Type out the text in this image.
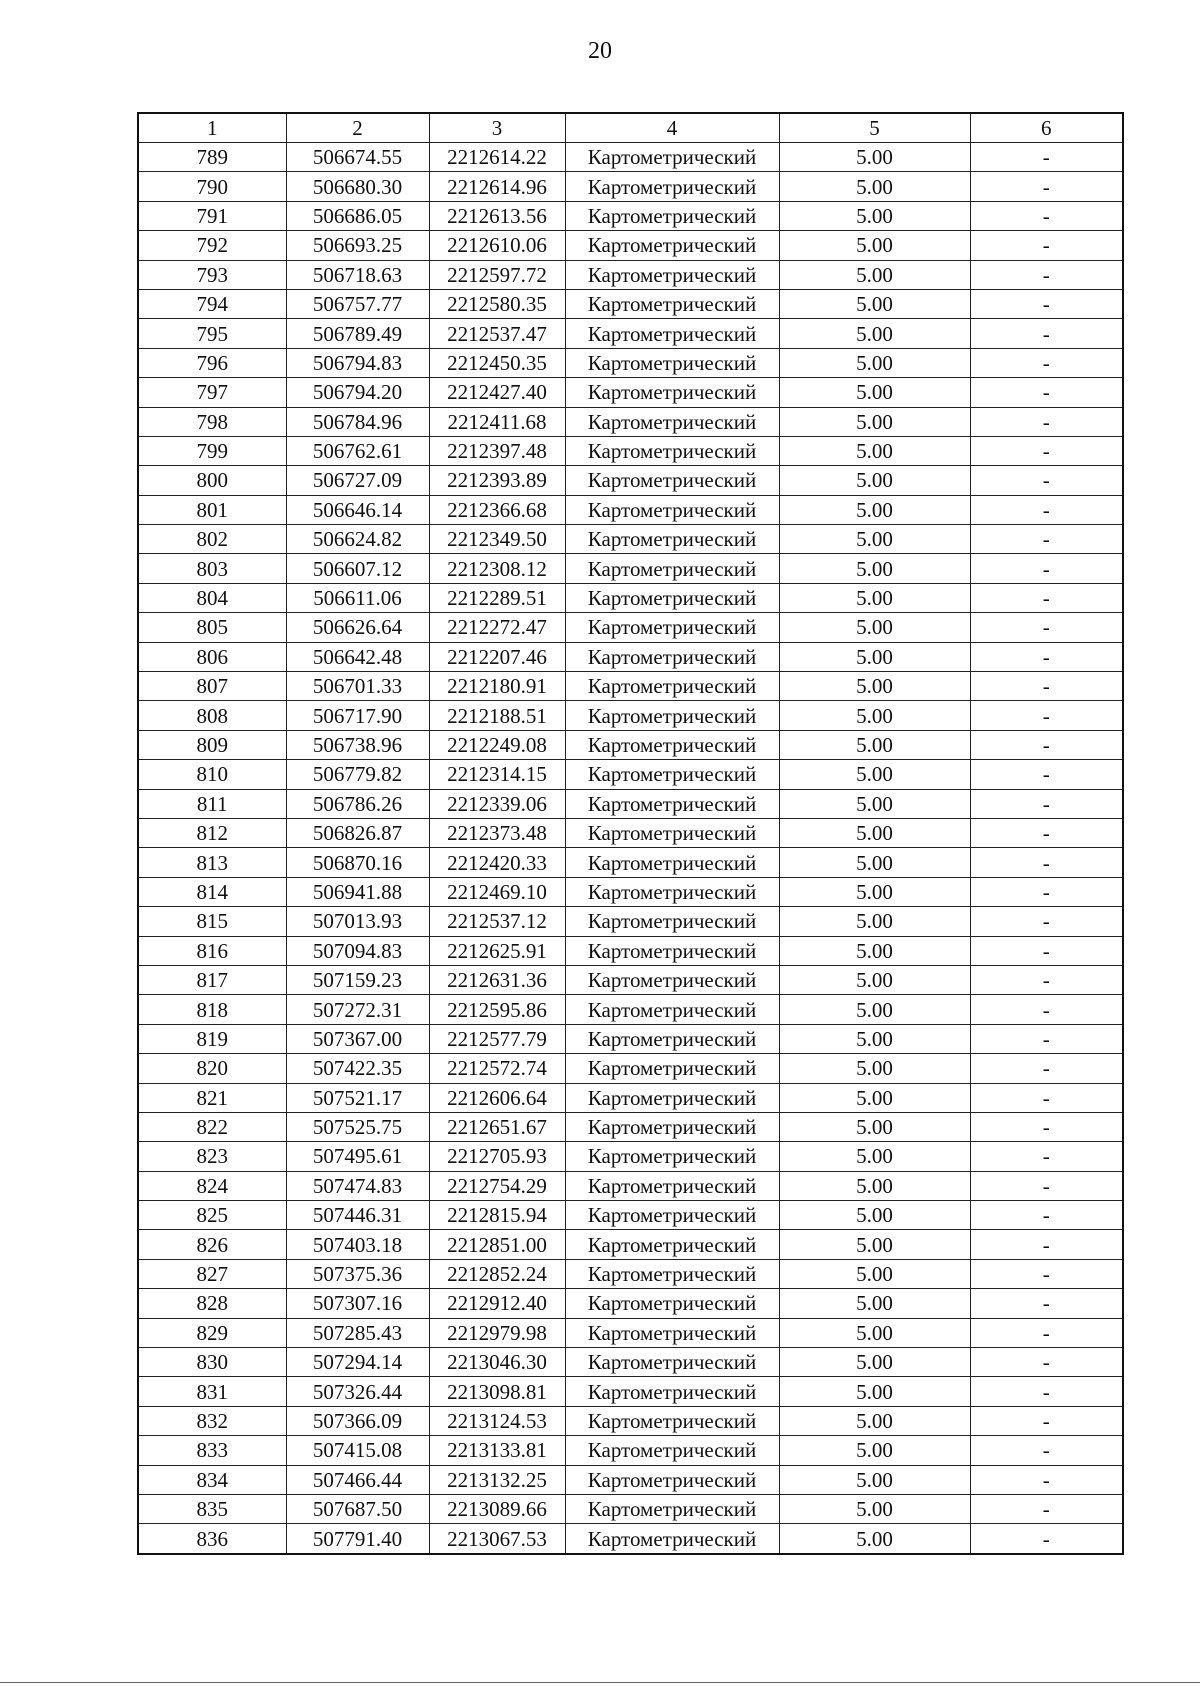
20
1	2	3	4	5	6
789	506674.55	2212614.22	Картометрический	5.00	-
790	506680.30	2212614.96	Картометрический	5.00	-
791	506686.05	2212613.56	Картометрический	5.00	-
792	506693.25	2212610.06	Картометрический	5.00	-
793	506718.63	2212597.72	Картометрический	5.00	-
794	506757.77	2212580.35	Картометрический	5.00	-
795	506789.49	2212537.47	Картометрический	5.00	-
796	506794.83	2212450.35	Картометрический	5.00	-
797	506794.20	2212427.40	Картометрический	5.00	-
798	506784.96	2212411.68	Картометрический	5.00	-
799	506762.61	2212397.48	Картометрический	5.00	-
800	506727.09	2212393.89	Картометрический	5.00	-
801	506646.14	2212366.68	Картометрический	5.00	-
802	506624.82	2212349.50	Картометрический	5.00	-
803	506607.12	2212308.12	Картометрический	5.00	-
804	506611.06	2212289.51	Картометрический	5.00	-
805	506626.64	2212272.47	Картометрический	5.00	-
806	506642.48	2212207.46	Картометрический	5.00	-
807	506701.33	2212180.91	Картометрический	5.00	-
808	506717.90	2212188.51	Картометрический	5.00	-
809	506738.96	2212249.08	Картометрический	5.00	-
810	506779.82	2212314.15	Картометрический	5.00	-
811	506786.26	2212339.06	Картометрический	5.00	-
812	506826.87	2212373.48	Картометрический	5.00	-
813	506870.16	2212420.33	Картометрический	5.00	-
814	506941.88	2212469.10	Картометрический	5.00	-
815	507013.93	2212537.12	Картометрический	5.00	-
816	507094.83	2212625.91	Картометрический	5.00	-
817	507159.23	2212631.36	Картометрический	5.00	-
818	507272.31	2212595.86	Картометрический	5.00	-
819	507367.00	2212577.79	Картометрический	5.00	-
820	507422.35	2212572.74	Картометрический	5.00	-
821	507521.17	2212606.64	Картометрический	5.00	-
822	507525.75	2212651.67	Картометрический	5.00	-
823	507495.61	2212705.93	Картометрический	5.00	-
824	507474.83	2212754.29	Картометрический	5.00	-
825	507446.31	2212815.94	Картометрический	5.00	-
826	507403.18	2212851.00	Картометрический	5.00	-
827	507375.36	2212852.24	Картометрический	5.00	-
828	507307.16	2212912.40	Картометрический	5.00	-
829	507285.43	2212979.98	Картометрический	5.00	-
830	507294.14	2213046.30	Картометрический	5.00	-
831	507326.44	2213098.81	Картометрический	5.00	-
832	507366.09	2213124.53	Картометрический	5.00	-
833	507415.08	2213133.81	Картометрический	5.00	-
834	507466.44	2213132.25	Картометрический	5.00	-
835	507687.50	2213089.66	Картометрический	5.00	-
836	507791.40	2213067.53	Картометрический	5.00	-
